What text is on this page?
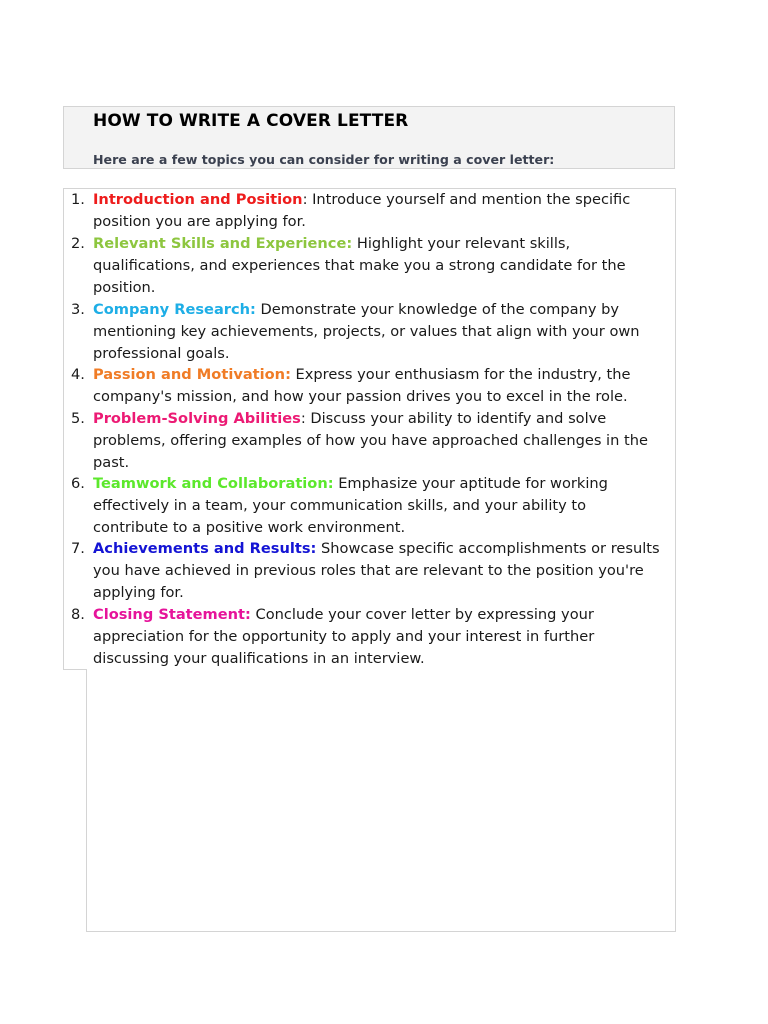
HOW TO WRITE A COVER LETTER

Here are a few topics you can consider for writing a cover letter:

1. Introduction and Position: Introduce yourself and mention the specific
position you are applying for.
2. Relevant Skills and Experience: Highlight your relevant skills,
qualifications, and experiences that make you a strong candidate for the
position.
3. Company Research: Demonstrate your knowledge of the company by
mentioning key achievements, projects, or values that align with your own
professional goals.
4. Passion and Motivation: Express your enthusiasm for the industry, the
company's mission, and how your passion drives you to excel in the role.
5. Problem-Solving Abilities: Discuss your ability to identify and solve
problems, offering examples of how you have approached challenges in the
past.
6. Teamwork and Collaboration: Emphasize your aptitude for working
effectively in a team, your communication skills, and your ability to
contribute to a positive work environment.
7. Achievements and Results: Showcase specific accomplishments or results
you have achieved in previous roles that are relevant to the position you're
applying for.
8. Closing Statement: Conclude your cover letter by expressing your
appreciation for the opportunity to apply and your interest in further
discussing your qualifications in an interview.
